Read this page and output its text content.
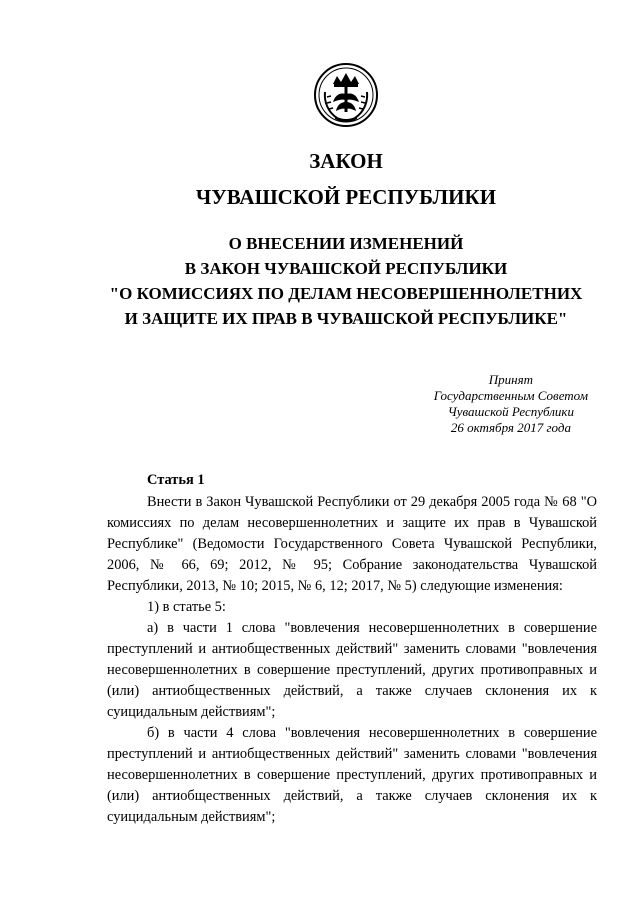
ЗАКОН
ЧУВАШСКОЙ РЕСПУБЛИКИ
О ВНЕСЕНИИ ИЗМЕНЕНИЙ
В ЗАКОН ЧУВАШСКОЙ РЕСПУБЛИКИ
"О КОМИССИЯХ ПО ДЕЛАМ НЕСОВЕРШЕННОЛЕТНИХ
И ЗАЩИТЕ ИХ ПРАВ В ЧУВАШСКОЙ РЕСПУБЛИКЕ"
Принят
Государственным Советом
Чувашской Республики
26 октября 2017 года

Статья 1

Внести в Закон Чувашской Республики от 29 декабря 2005 года № 68 "О комиссиях по делам несовершеннолетних и защите их прав в Чувашской Республике" (Ведомости Государственного Совета Чувашской Республики, 2006, № 66, 69; 2012, № 95; Собрание законодательства Чувашской Республики, 2013, № 10; 2015, № 6, 12; 2017, № 5) следующие изменения:

1) в статье 5:

а) в части 1 слова "вовлечения несовершеннолетних в совершение преступлений и антиобщественных действий" заменить словами "вовлечения несовершеннолетних в совершение преступлений, других противоправных и (или) антиобщественных действий, а также случаев склонения их к суицидальным действиям";

б) в части 4 слова "вовлечения несовершеннолетних в совершение преступлений и антиобщественных действий" заменить словами "вовлечения несовершеннолетних в совершение преступлений, других противоправных и (или) антиобщественных действий, а также случаев склонения их к суицидальным действиям";
